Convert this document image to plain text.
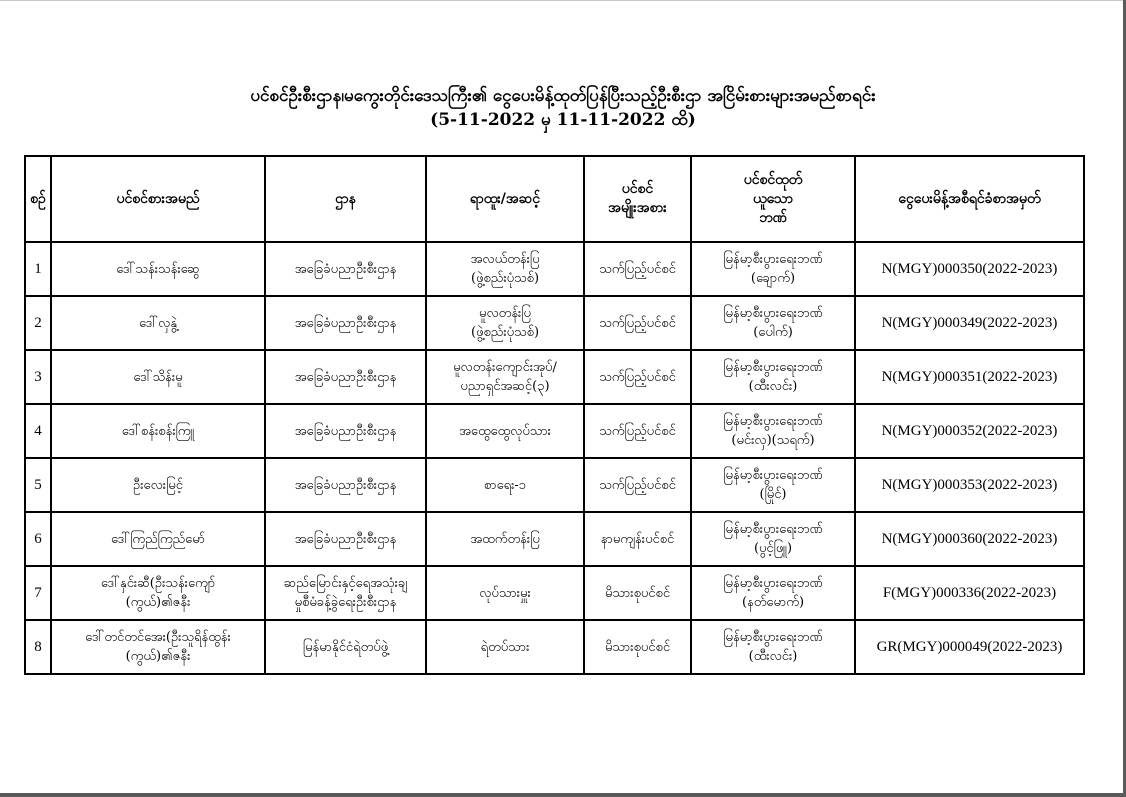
ပင်စင်ဦးစီးဌာန၊မကွေးတိုင်းဒေသကြီး၏ ငွေပေးမိန့်ထုတ်ပြန်ပြီးသည့်ဦးစီးဌာ အငြိမ်းစားများအမည်စာရင်း
(5-11-2022 မှ 11-11-2022 ထိ)
စဉ်	ပင်စင်စားအမည်	ဌာန	ရာထူး/အဆင့်	ပင်စင်
အမျိုးအစား	ပင်စင်ထုတ်
ယူသော
ဘဏ်	ငွေပေးမိန့်အစီရင်ခံစာအမှတ်

1	ဒေါ်သန်းသန်းဆွေ	အခြေခံပညာဦးစီးဌာန	အလယ်တန်းပြ
(ဖွဲ့စည်းပုံသစ်)	သက်ပြည့်ပင်စင်	မြန်မာ့စီးပွားရေးဘဏ်
(ချောက်)	N(MGY)000350(2022-2023)
2	ဒေါ်လှနွဲ့	အခြေခံပညာဦးစီးဌာန	မူလတန်းပြ
(ဖွဲ့စည်းပုံသစ်)	သက်ပြည့်ပင်စင်	မြန်မာ့စီးပွားရေးဘဏ်
(ပေါက်)	N(MGY)000349(2022-2023)
3	ဒေါ်သိန်းမူ	အခြေခံပညာဦးစီးဌာန	မူလတန်းကျောင်းအုပ်/
ပညာရှင်အဆင့်(၃)	သက်ပြည့်ပင်စင်	မြန်မာ့စီးပွားရေးဘဏ်
(ထီးလင်း)	N(MGY)000351(2022-2023)
4	ဒေါ်စန်းစန်းကြူ	အခြေခံပညာဦးစီးဌာန	အထွေထွေလုပ်သား	သက်ပြည့်ပင်စင်	မြန်မာ့စီးပွားရေးဘဏ်
(မင်းလှ)(သရက်)	N(MGY)000352(2022-2023)
5	ဦးလေးမြင့်	အခြေခံပညာဦးစီးဌာန	စာရေး-၁	သက်ပြည့်ပင်စင်	မြန်မာ့စီးပွားရေးဘဏ်
(မြိုင်)	N(MGY)000353(2022-2023)
6	ဒေါ်ကြည်ကြည်မော်	အခြေခံပညာဦးစီးဌာန	အထက်တန်းပြ	နာမကျန်းပင်စင်	မြန်မာ့စီးပွားရေးဘဏ်
(ပွင့်ဖြူ)	N(MGY)000360(2022-2023)
7	ဒေါ်နှင်းဆီ(ဦးသန်းကျော်
(ကွယ်)၏ဇနီး	ဆည်မြောင်းနှင့်ရေအသုံးချ
မှုစီမံခန့်ခွဲရေးဦးစီးဌာန	လုပ်သားမှူး	မိသားစုပင်စင်	မြန်မာ့စီးပွားရေးဘဏ်
(နတ်မောက်)	F(MGY)000336(2022-2023)
8	ဒေါ်တင်တင်အေး(ဦးသူရိန်ထွန်း
(ကွယ်)၏ဇနီး	မြန်မာနိုင်ငံရဲတပ်ဖွဲ့	ရဲတပ်သား	မိသားစုပင်စင်	မြန်မာ့စီးပွားရေးဘဏ်
(ထီးလင်း)	GR(MGY)000049(2022-2023)
